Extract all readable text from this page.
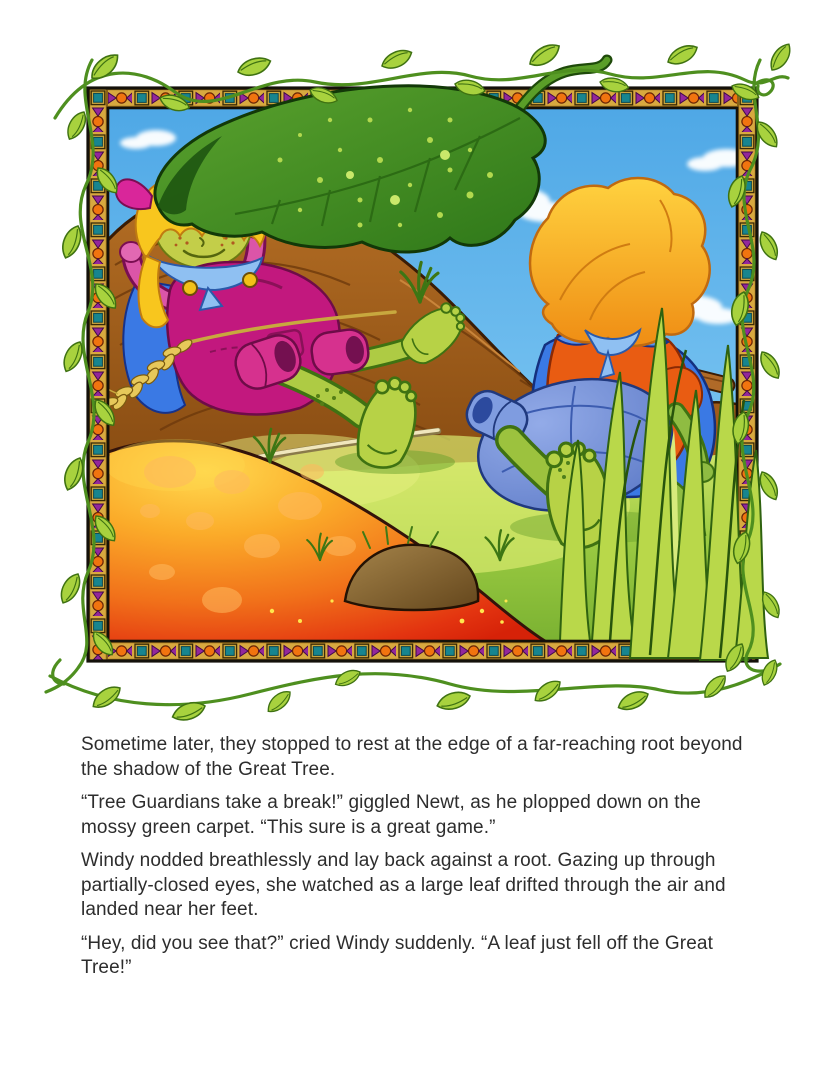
Sometime later, they stopped to rest at the edge of a far-reaching root beyond the shadow of the Great Tree.

“Tree Guardians take a break!” giggled Newt, as he plopped down on the mossy green carpet. “This sure is a great game.”

Windy nodded breathlessly and lay back against a root. Gazing up through partially-closed eyes, she watched as a large leaf drifted through the air and landed near her feet.

“Hey, did you see that?” cried Windy suddenly. “A leaf just fell off the Great Tree!”
